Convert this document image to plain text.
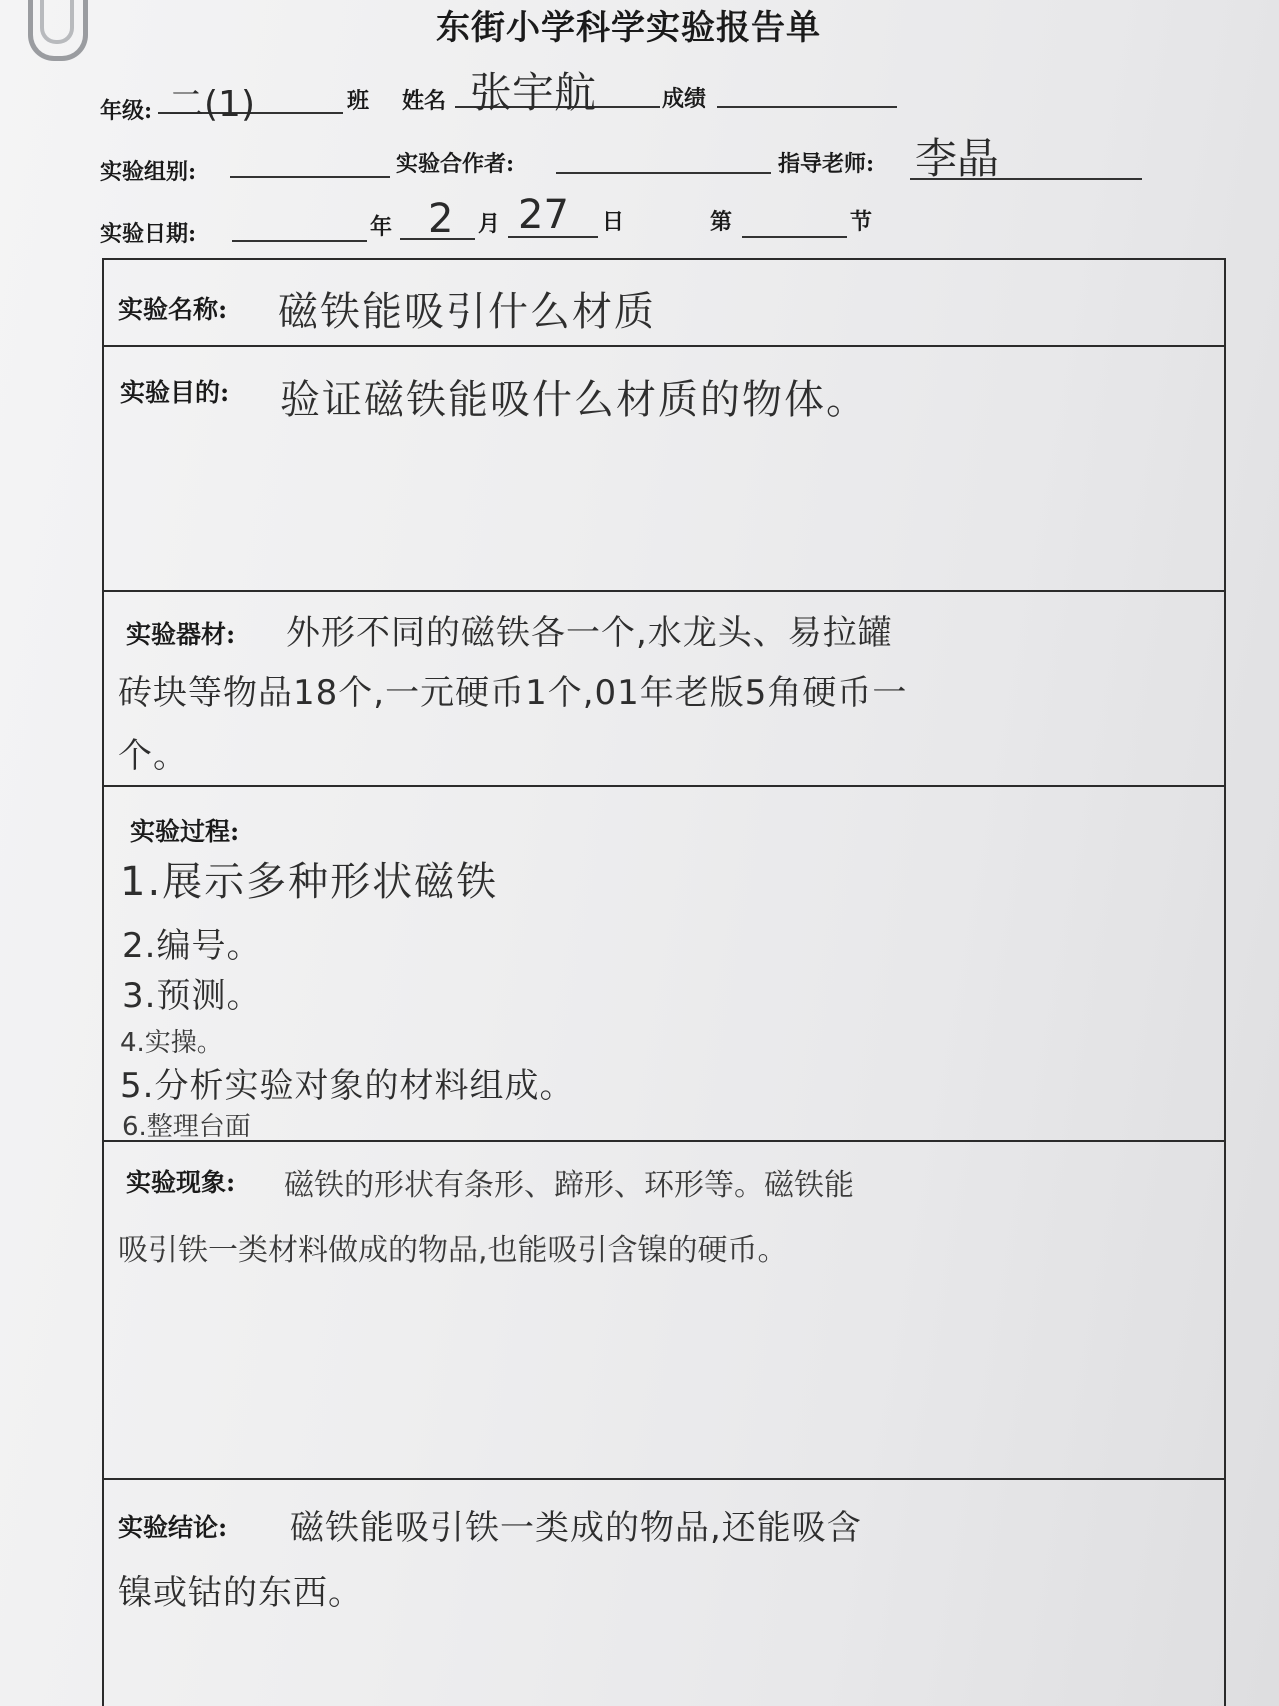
东街小学科学实验报告单
年级: 二(1)	班 姓名 张宇航	成绩
实验组别:	实验合作者:	指导老师: 李晶
实验日期:	年 2 月 27 日	第	节
实验名称: 磁铁能吸引什么材质
实验目的: 验证磁铁能吸什么材质的物体。
实验器材: 外形不同的磁铁各一个,水龙头、易拉罐
砖块等物品18个,一元硬币1个,01年老版5角硬币一
个。
实验过程:
1.展示多种形状磁铁
2.编号。
3.预测。
4.实操。
5.分析实验对象的材料组成。
6.整理台面
实验现象: 磁铁的形状有条形、蹄形、环形等。磁铁能
吸引铁一类材料做成的物品,也能吸引含镍的硬币。
实验结论: 磁铁能吸引铁一类成的物品,还能吸含
镍或钴的东西。
